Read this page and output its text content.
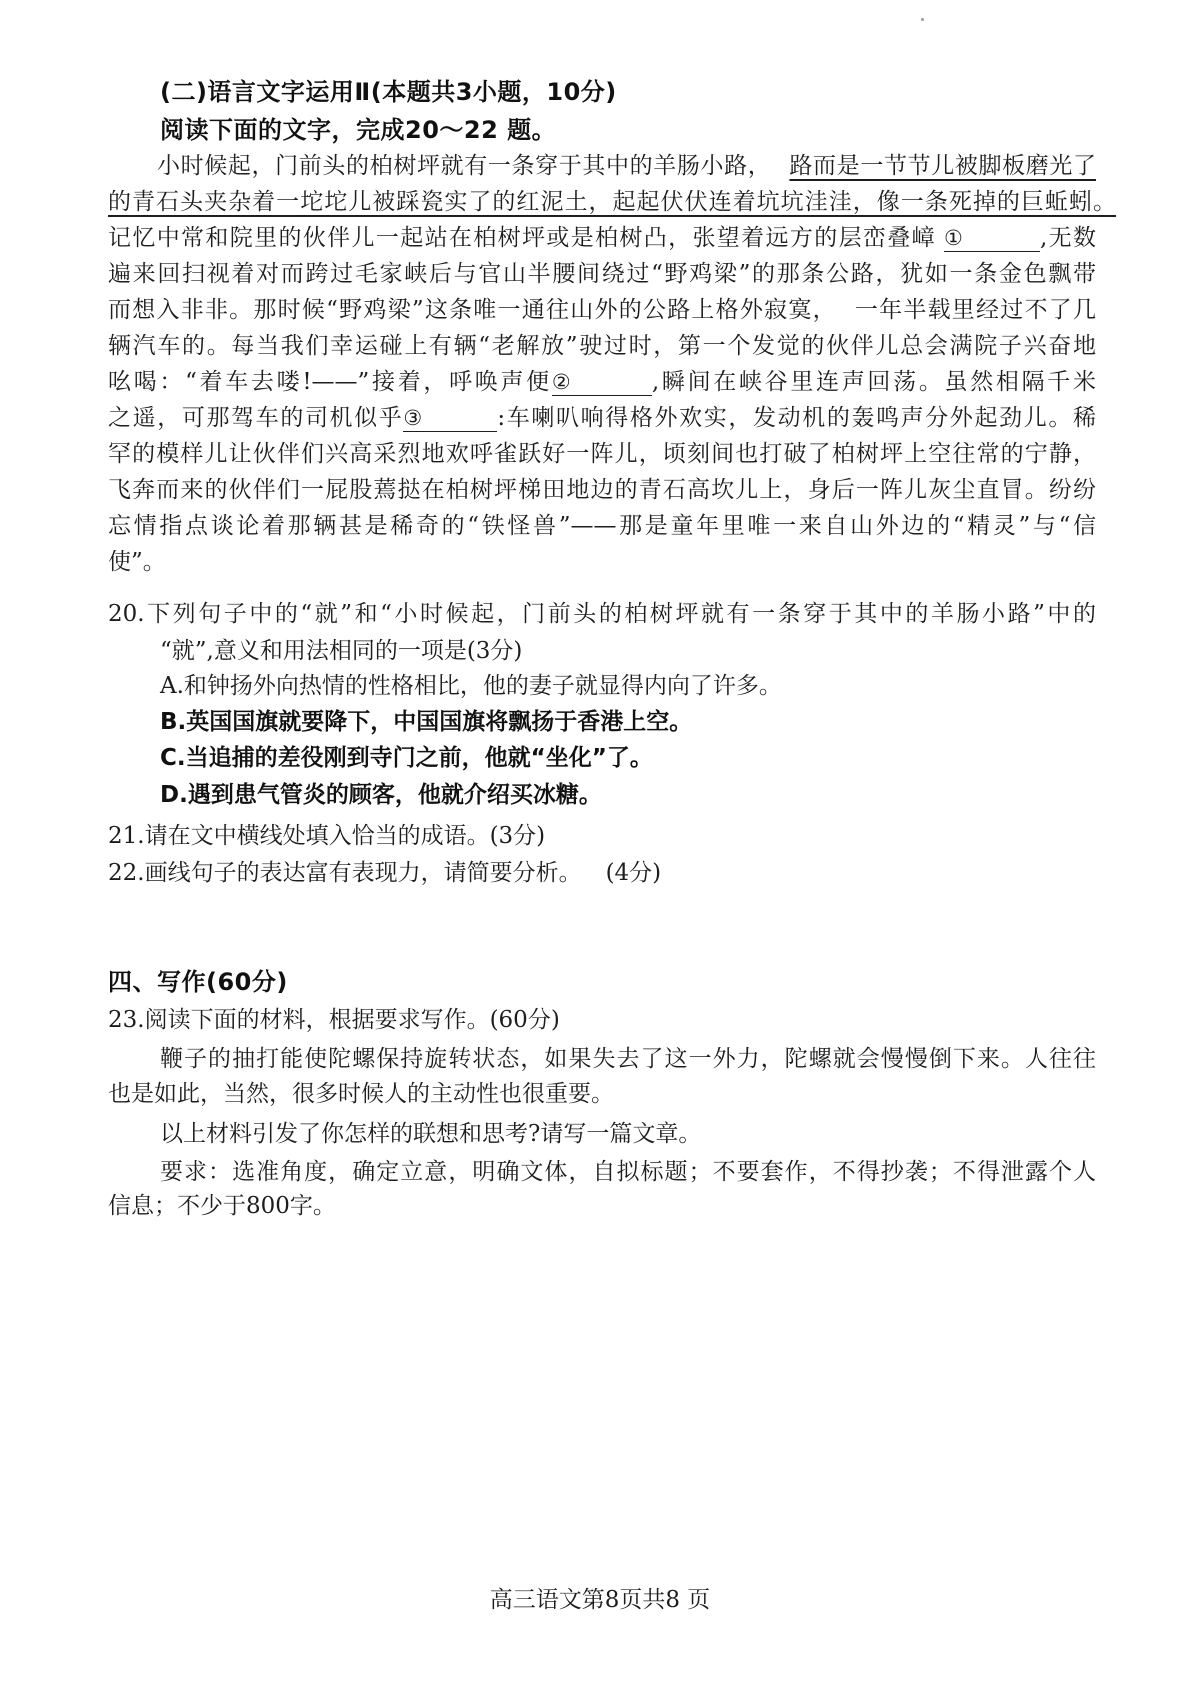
(二)语言文字运用Ⅱ(本题共3小题，10分)
阅读下面的文字，完成20～22 题。
小时候起，门前头的柏树坪就有一条穿于其中的羊肠小路， 路而是一节节儿被脚板磨光了
的青石头夹杂着一坨坨儿被踩瓷实了的红泥土，起起伏伏连着坑坑洼洼，像一条死掉的巨蚯蚓。
记忆中常和院里的伙伴儿一起站在柏树坪或是柏树凸，张望着远方的层峦叠嶂 ①	,无数
遍来回扫视着对而跨过毛家峡后与官山半腰间绕过“野鸡梁”的那条公路，犹如一条金色飘带
而想入非非。那时候“野鸡梁”这条唯一通往山外的公路上格外寂寞， 一年半载里经过不了几
辆汽车的。每当我们幸运碰上有辆“老解放”驶过时，第一个发觉的伙伴儿总会满院子兴奋地
吆喝：“着车去喽!——”接着，呼唤声便②	,瞬间在峡谷里连声回荡。虽然相隔千米
之遥，可那驾车的司机似乎③	:车喇叭响得格外欢实，发动机的轰鸣声分外起劲儿。稀
罕的模样儿让伙伴们兴高采烈地欢呼雀跃好一阵儿，顷刻间也打破了柏树坪上空往常的宁静，
飞奔而来的伙伴们一屁股蔫挞在柏树坪梯田地边的青石高坎儿上，身后一阵儿灰尘直冒。纷纷
忘情指点谈论着那辆甚是稀奇的“铁怪兽”——那是童年里唯一来自山外边的“精灵”与“信
使”。
20.下列句子中的“就”和“小时候起，门前头的柏树坪就有一条穿于其中的羊肠小路”中的
“就”,意义和用法相同的一项是(3分)
A.和钟扬外向热情的性格相比，他的妻子就显得内向了许多。
B.英国国旗就要降下，中国国旗将飘扬于香港上空。
C.当追捕的差役刚到寺门之前，他就“坐化”了。
D.遇到患气管炎的顾客，他就介绍买冰糖。
21.请在文中横线处填入恰当的成语。(3分)
22.画线句子的表达富有表现力，请简要分析。 (4分)
四、写作(60分)
23.阅读下面的材料，根据要求写作。(60分)
鞭子的抽打能使陀螺保持旋转状态，如果失去了这一外力，陀螺就会慢慢倒下来。人往往
也是如此，当然，很多时候人的主动性也很重要。
以上材料引发了你怎样的联想和思考?请写一篇文章。
要求：选准角度，确定立意，明确文体，自拟标题；不要套作，不得抄袭；不得泄露个人
信息；不少于800字。
高三语文第8页共8 页
